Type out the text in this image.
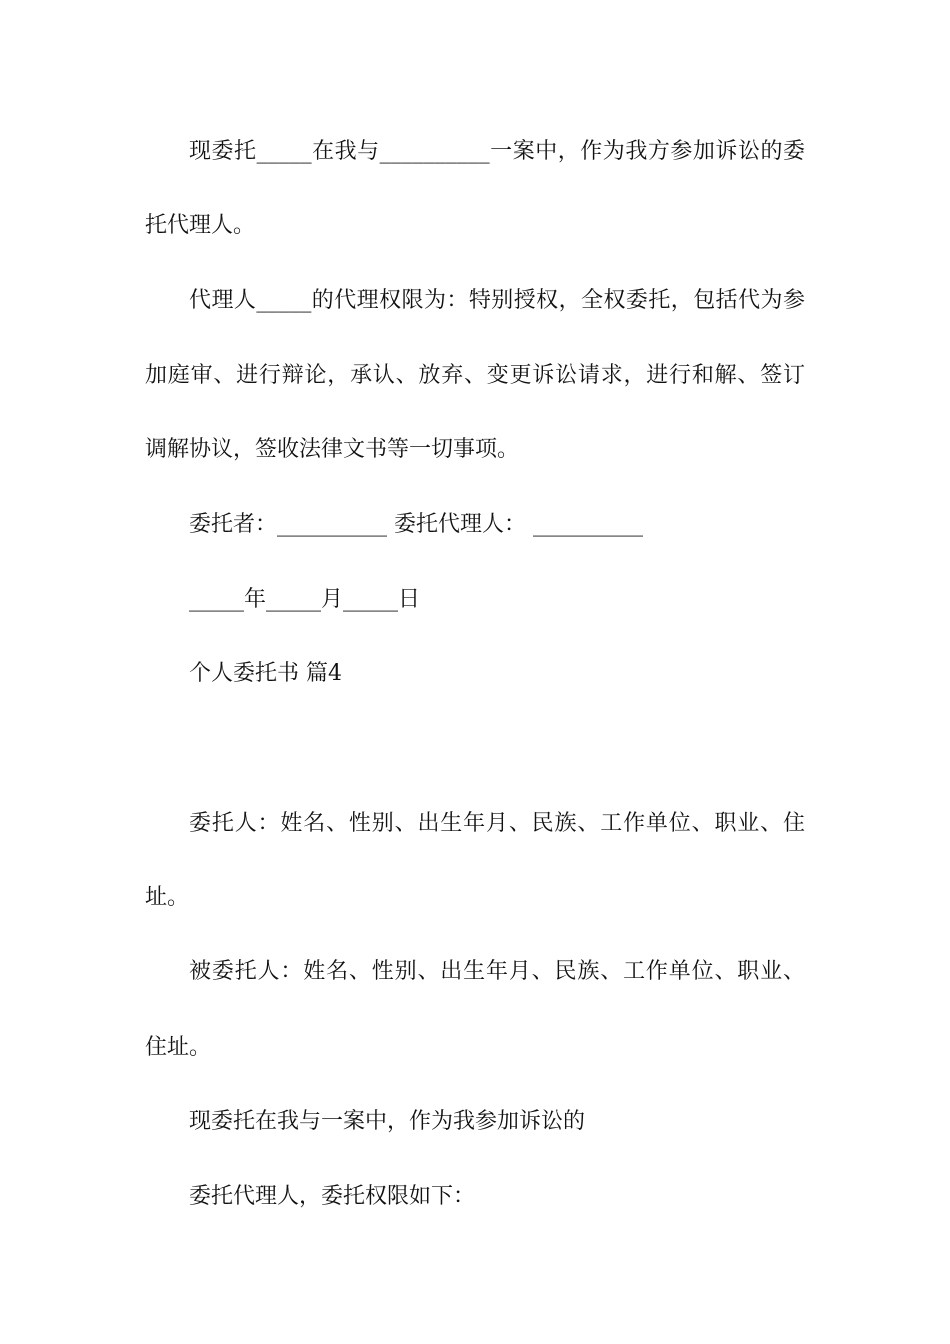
现委托_____在我与__________一案中，作为我方参加诉讼的委
托代理人。
代理人_____的代理权限为：特别授权，全权委托，包括代为参
加庭审、进行辩论，承认、放弃、变更诉讼请求，进行和解、签订
调解协议，签收法律文书等一切事项。
委托者：__________ 委托代理人： __________
_____年_____月_____日
个人委托书 篇4
委托人：姓名、性别、出生年月、民族、工作单位、职业、住
址。
被委托人：姓名、性别、出生年月、民族、工作单位、职业、
住址。
现委托在我与一案中，作为我参加诉讼的
委托代理人，委托权限如下：
